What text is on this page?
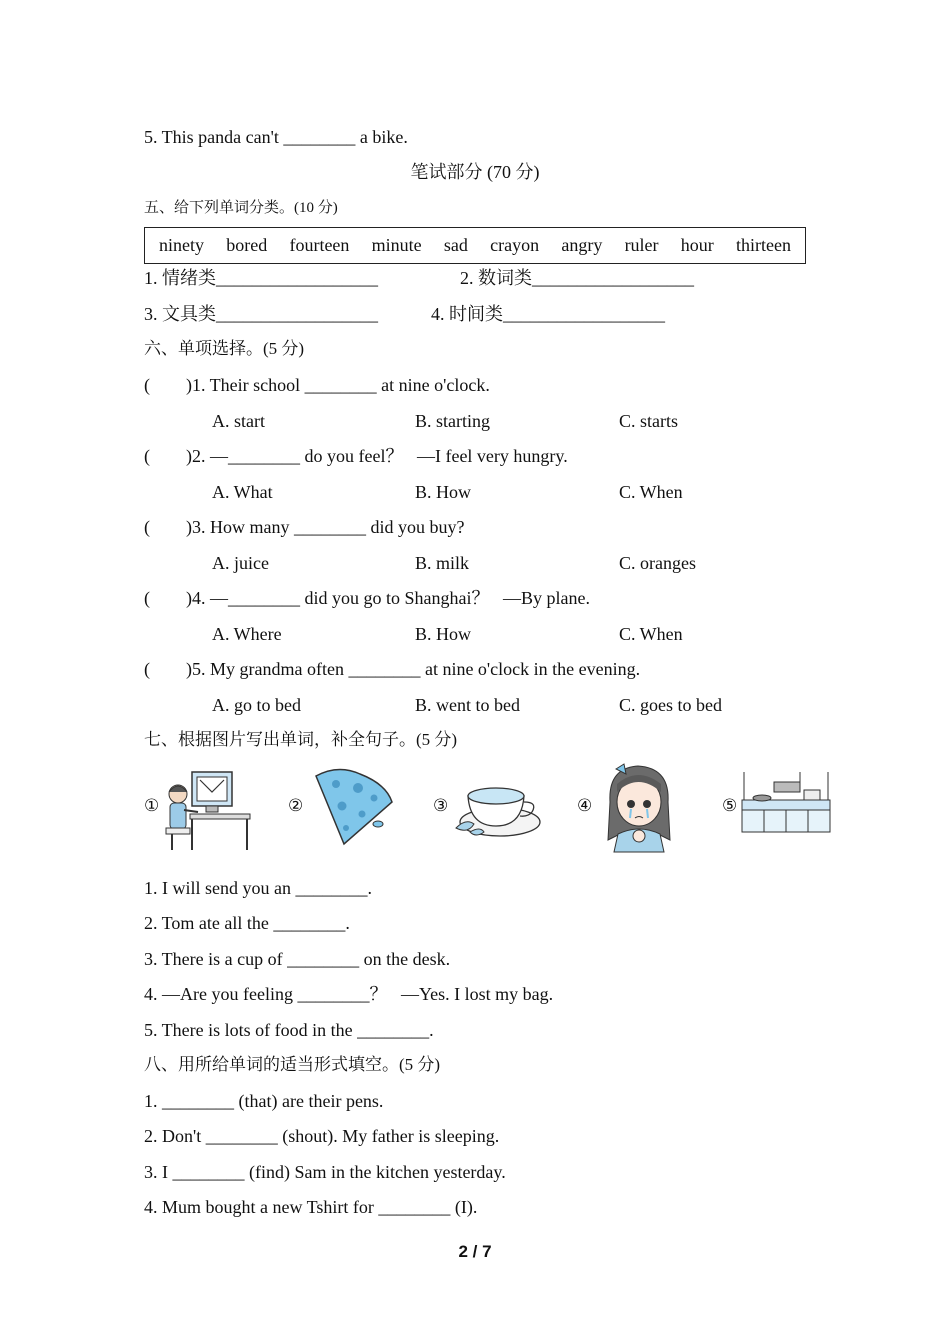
5. This panda can't ________ a bike.
笔试部分 (70 分)
五、给下列单词分类。(10 分)
ninety bored fourteen minute sad crayon angry ruler hour thirteen
1. 情绪类__________________	2. 数词类__________________
3. 文具类__________________	4. 时间类__________________
六、单项选择。(5 分)
(        )1. Their school ________ at nine o'clock.
A. start	B. starting	C. starts
(        )2. —________ do you feel？   —I feel very hungry.
A. What	B. How	C. When
(        )3. How many ________ did you buy?
A. juice	B. milk	C. oranges
(        )4. —________ did you go to Shanghai？   —By plane.
A. Where	B. How	C. When
(        )5. My grandma often ________ at nine o'clock in the evening.
A. go to bed	B. went to bed	C. goes to bed
七、根据图片写出单词，补全句子。(5 分)
①	②	③	④	⑤
1. I will send you an ________.
2. Tom ate all the ________.
3. There is a cup of ________ on the desk.
4. —Are you feeling ________？   —Yes. I lost my bag.
5. There is lots of food in the ________.
八、用所给单词的适当形式填空。(5 分)
1. ________ (that) are their pens.
2. Don't ________ (shout). My father is sleeping.
3. I ________ (find) Sam in the kitchen yesterday.
4. Mum bought a new Tshirt for ________ (I).
2 / 7
